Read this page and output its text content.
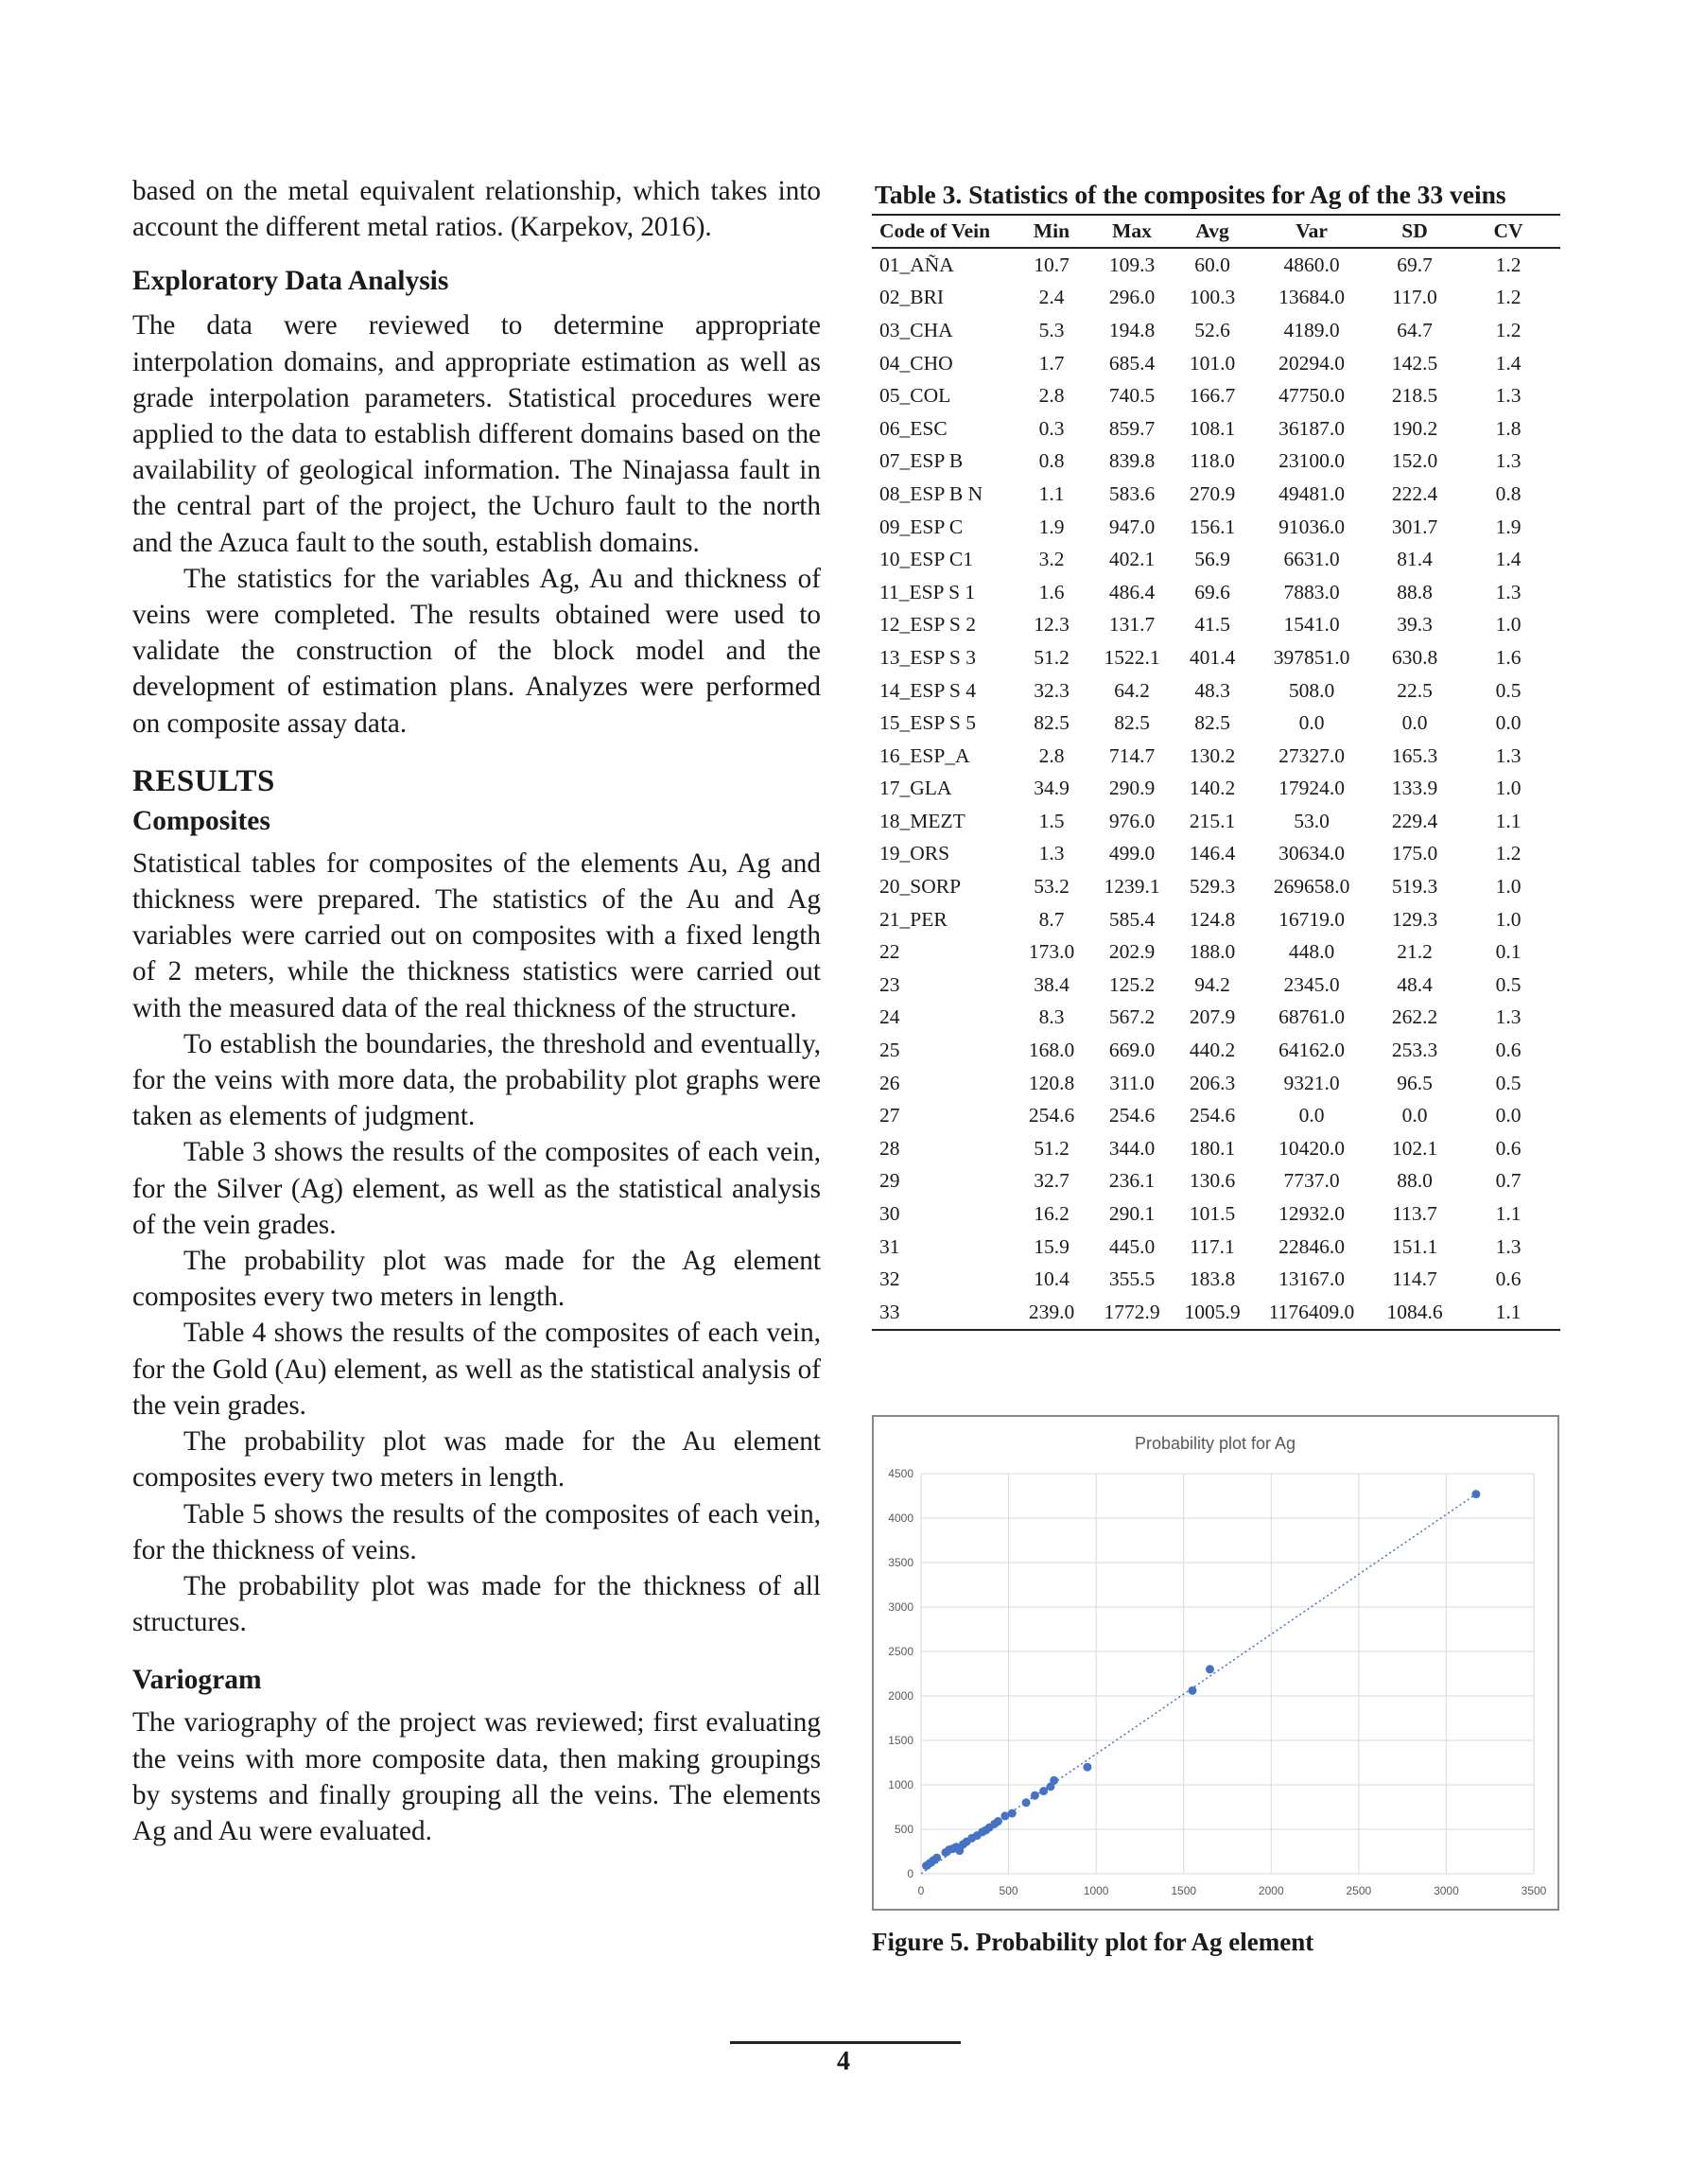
based on the metal equivalent relationship, which takes into account the different metal ratios. (Karpekov, 2016).

Exploratory Data Analysis

The data were reviewed to determine appropriate interpolation domains, and appropriate estimation as well as grade interpolation parameters. Statistical procedures were applied to the data to establish different domains based on the availability of geological information. The Ninajassa fault in the central part of the project, the Uchuro fault to the north and the Azuca fault to the south, establish domains.

The statistics for the variables Ag, Au and thickness of veins were completed. The results obtained were used to validate the construction of the block model and the development of estimation plans. Analyzes were performed on composite assay data.

RESULTS
Composites

Statistical tables for composites of the elements Au, Ag and thickness were prepared. The statistics of the Au and Ag variables were carried out on composites with a fixed length of 2 meters, while the thickness statistics were carried out with the measured data of the real thickness of the structure.

To establish the boundaries, the threshold and eventually, for the veins with more data, the probability plot graphs were taken as elements of judgment.

Table 3 shows the results of the composites of each vein, for the Silver (Ag) element, as well as the statistical analysis of the vein grades.

The probability plot was made for the Ag element composites every two meters in length.

Table 4 shows the results of the composites of each vein, for the Gold (Au) element, as well as the statistical analysis of the vein grades.

The probability plot was made for the Au element composites every two meters in length.

Table 5 shows the results of the composites of each vein, for the thickness of veins.

The probability plot was made for the thickness of all structures.

Variogram

The variography of the project was reviewed; first evaluating the veins with more composite data, then making groupings by systems and finally grouping all the veins. The elements Ag and Au were evaluated.

Table 3. Statistics of the composites for Ag of the 33 veins
Code of Vein	Min	Max	Avg	Var	SD	CV
01_AÑA	10.7	109.3	60.0	4860.0	69.7	1.2
02_BRI	2.4	296.0	100.3	13684.0	117.0	1.2
03_CHA	5.3	194.8	52.6	4189.0	64.7	1.2
04_CHO	1.7	685.4	101.0	20294.0	142.5	1.4
05_COL	2.8	740.5	166.7	47750.0	218.5	1.3
06_ESC	0.3	859.7	108.1	36187.0	190.2	1.8
07_ESP B	0.8	839.8	118.0	23100.0	152.0	1.3
08_ESP B N	1.1	583.6	270.9	49481.0	222.4	0.8
09_ESP C	1.9	947.0	156.1	91036.0	301.7	1.9
10_ESP C1	3.2	402.1	56.9	6631.0	81.4	1.4
11_ESP S 1	1.6	486.4	69.6	7883.0	88.8	1.3
12_ESP S 2	12.3	131.7	41.5	1541.0	39.3	1.0
13_ESP S 3	51.2	1522.1	401.4	397851.0	630.8	1.6
14_ESP S 4	32.3	64.2	48.3	508.0	22.5	0.5
15_ESP S 5	82.5	82.5	82.5	0.0	0.0	0.0
16_ESP_A	2.8	714.7	130.2	27327.0	165.3	1.3
17_GLA	34.9	290.9	140.2	17924.0	133.9	1.0
18_MEZT	1.5	976.0	215.1	53.0	229.4	1.1
19_ORS	1.3	499.0	146.4	30634.0	175.0	1.2
20_SORP	53.2	1239.1	529.3	269658.0	519.3	1.0
21_PER	8.7	585.4	124.8	16719.0	129.3	1.0
22	173.0	202.9	188.0	448.0	21.2	0.1
23	38.4	125.2	94.2	2345.0	48.4	0.5
24	8.3	567.2	207.9	68761.0	262.2	1.3
25	168.0	669.0	440.2	64162.0	253.3	0.6
26	120.8	311.0	206.3	9321.0	96.5	0.5
27	254.6	254.6	254.6	0.0	0.0	0.0
28	51.2	344.0	180.1	10420.0	102.1	0.6
29	32.7	236.1	130.6	7737.0	88.0	0.7
30	16.2	290.1	101.5	12932.0	113.7	1.1
31	15.9	445.0	117.1	22846.0	151.1	1.3
32	10.4	355.5	183.8	13167.0	114.7	0.6
33	239.0	1772.9	1005.9	1176409.0	1084.6	1.1
Probability plot for Ag
0
500
1000
1500
2000
2500
3000
3500
4000
4500
0	500	1000	1500	2000	2500	3000	3500
Figure 5. Probability plot for Ag element
4
